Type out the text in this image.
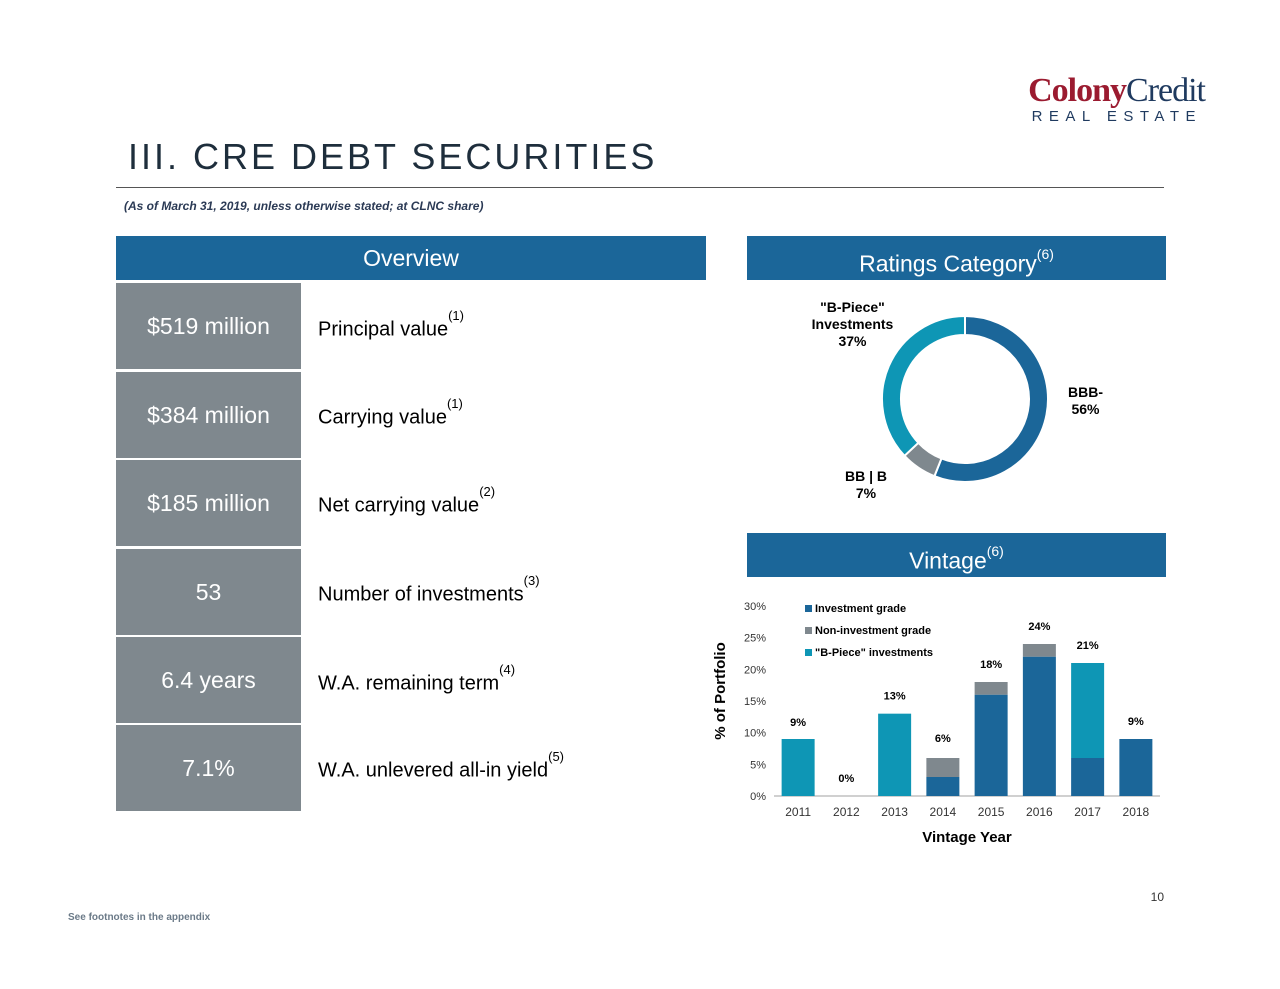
ColonyCredit
REAL ESTATE
III. CRE DEBT SECURITIES
(As of March 31, 2019, unless otherwise stated; at CLNC share)
Overview	Ratings Category$^{(6)}$
Vintage$^{(6)}$
$519 million	Principal value$^{(1)}$
$384 million	Carrying value$^{(1)}$
$185 million	Net carrying value$^{(2)}$
53	Number of investments$^{(3)}$
6.4 years	W.A. remaining term$^{(4)}$
7.1%	W.A. unlevered all-in yield$^{(5)}$
"B-Piece"
Investments
37%
BBB-
56%
BB | B
7%
0%
5%
10%
15%
20%
25%
30%
2011 2012 2013 2014 2015 2016 2017 2018
9%
0%
13%
6%
18%
24%
21%
9%
Investment grade
Non-investment grade
"B-Piece" investments
Vintage Year
% of Portfolio
See footnotes in the appendix
10
